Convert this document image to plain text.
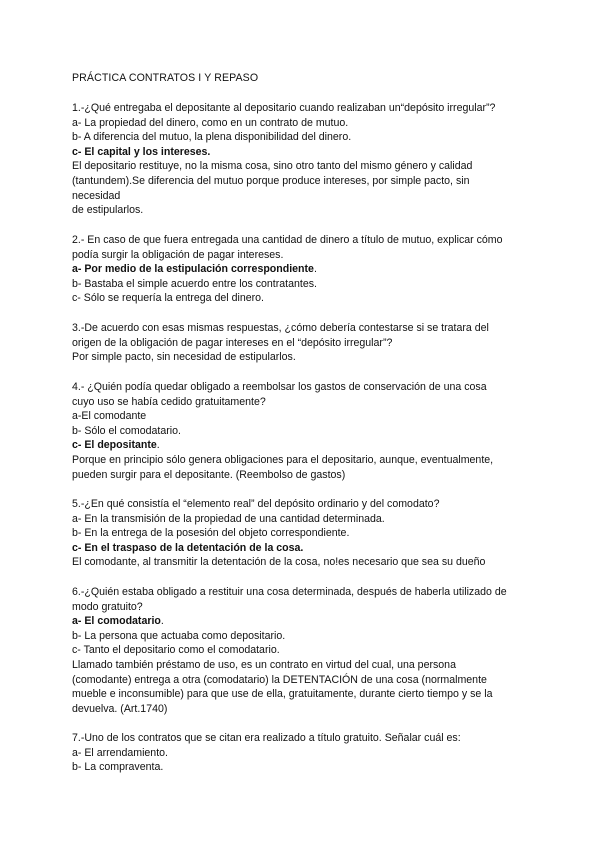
PRÁCTICA CONTRATOS I Y REPASO
1.-¿Qué entregaba el depositante al depositario cuando realizaban un“depósito irregular”?
a- La propiedad del dinero, como en un contrato de mutuo.
b- A diferencia del mutuo, la plena disponibilidad del dinero.
c- El capital y los intereses.
El depositario restituye, no la misma cosa, sino otro tanto del mismo género y calidad
(tantundem).Se diferencia del mutuo porque produce intereses, por simple pacto, sin
necesidad
de estipularlos.
2.- En caso de que fuera entregada una cantidad de dinero a título de mutuo, explicar cómo
podía surgir la obligación de pagar intereses.
a- Por medio de la estipulación correspondiente.
b- Bastaba el simple acuerdo entre los contratantes.
c- Sólo se requería la entrega del dinero.
3.-De acuerdo con esas mismas respuestas, ¿cómo debería contestarse si se tratara del
origen de la obligación de pagar intereses en el “depósito irregular”?
Por simple pacto, sin necesidad de estipularlos.
4.- ¿Quién podía quedar obligado a reembolsar los gastos de conservación de una cosa
cuyo uso se había cedido gratuitamente?
a-El comodante
b- Sólo el comodatario.
c- El depositante.
Porque en principio sólo genera obligaciones para el depositario, aunque, eventualmente,
pueden surgir para el depositante. (Reembolso de gastos)
5.-¿En qué consistía el “elemento real” del depósito ordinario y del comodato?
a- En la transmisión de la propiedad de una cantidad determinada.
b- En la entrega de la posesión del objeto correspondiente.
c- En el traspaso de la detentación de la cosa.
El comodante, al transmitir la detentación de la cosa, no!es necesario que sea su dueño
6.-¿Quién estaba obligado a restituir una cosa determinada, después de haberla utilizado de
modo gratuito?
a- El comodatario.
b- La persona que actuaba como depositario.
c- Tanto el depositario como el comodatario.
Llamado también préstamo de uso, es un contrato en virtud del cual, una persona
(comodante) entrega a otra (comodatario) la DETENTACIÓN de una cosa (normalmente
mueble e inconsumible) para que use de ella, gratuitamente, durante cierto tiempo y se la
devuelva. (Art.1740)
7.-Uno de los contratos que se citan era realizado a título gratuito. Señalar cuál es:
a- El arrendamiento.
b- La compraventa.
